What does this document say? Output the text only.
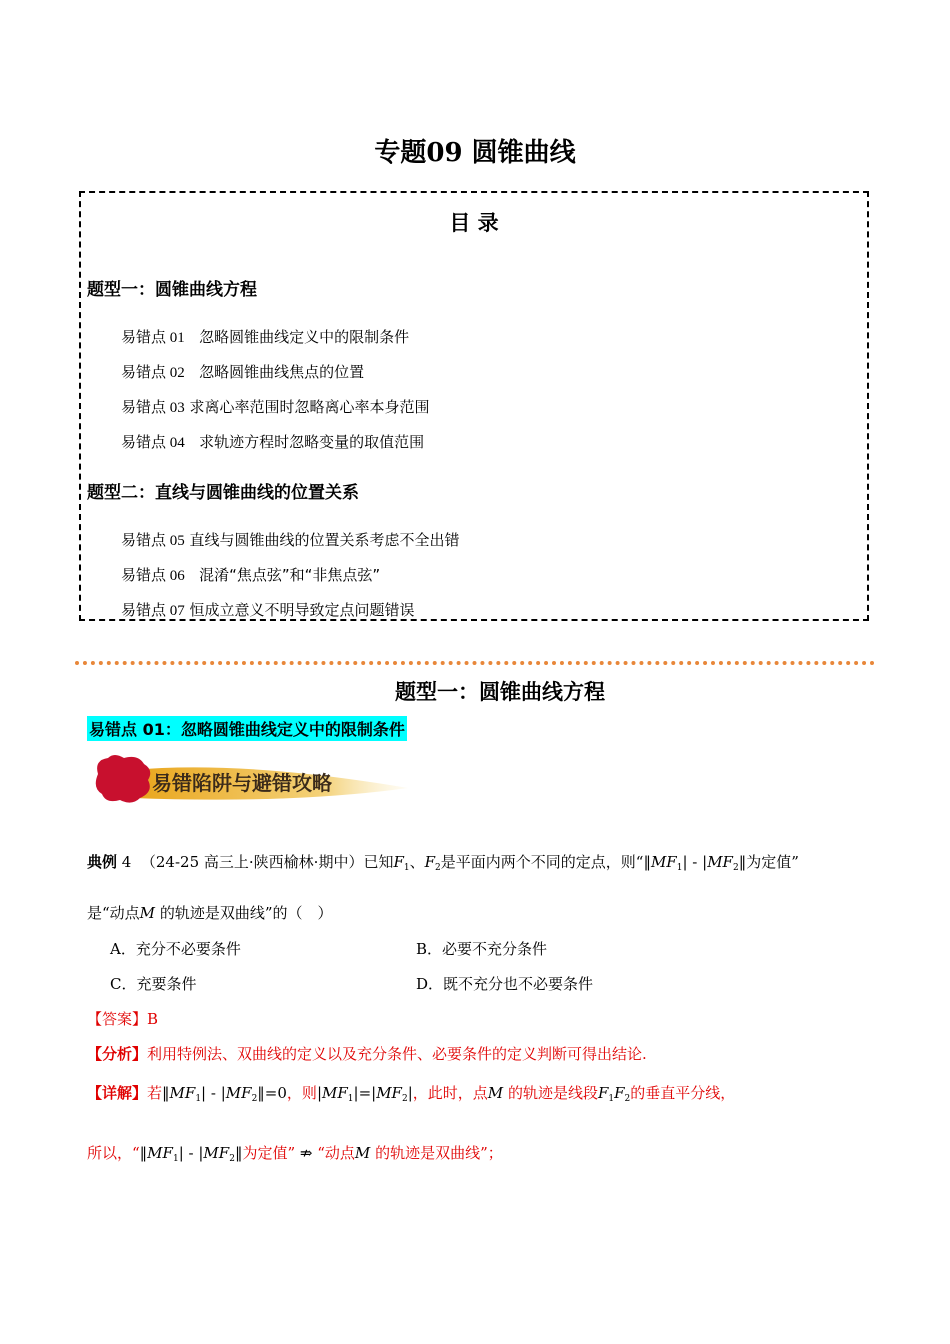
专题09 圆锥曲线
目 录
题型一：圆锥曲线方程
易错点 01 忽略圆锥曲线定义中的限制条件
易错点 02 忽略圆锥曲线焦点的位置
易错点 03 求离心率范围时忽略离心率本身范围
易错点 04 求轨迹方程时忽略变量的取值范围
题型二：直线与圆锥曲线的位置关系
易错点 05 直线与圆锥曲线的位置关系考虑不全出错
易错点 06 混淆“焦点弦”和“非焦点弦”
易错点 07 恒成立意义不明导致定点问题错误
题型一：圆锥曲线方程
易错点 01：忽略圆锥曲线定义中的限制条件
易错陷阱与避错攻略
典例 4 （24-25 高三上·陕西榆林·期中）已知$F_1$、$F_2$是平面内两个不同的定点，则“$‖MF_1|$ - $|MF_2‖$为定值”
是“动点M 的轨迹是双曲线”的（　）
A．充分不必要条件	B．必要不充分条件
C．充要条件	D．既不充分也不必要条件
【答案】B
【分析】利用特例法、双曲线的定义以及充分条件、必要条件的定义判断可得出结论.
【详解】若$‖MF_1|$ - $|MF_2‖=0$，则$|MF_1|=|MF_2|$，此时，点M 的轨迹是线段$F_1F_2$的垂直平分线，
所以，“$‖MF_1|$ - $|MF_2‖$为定值” ⇏ “动点M 的轨迹是双曲线”；
